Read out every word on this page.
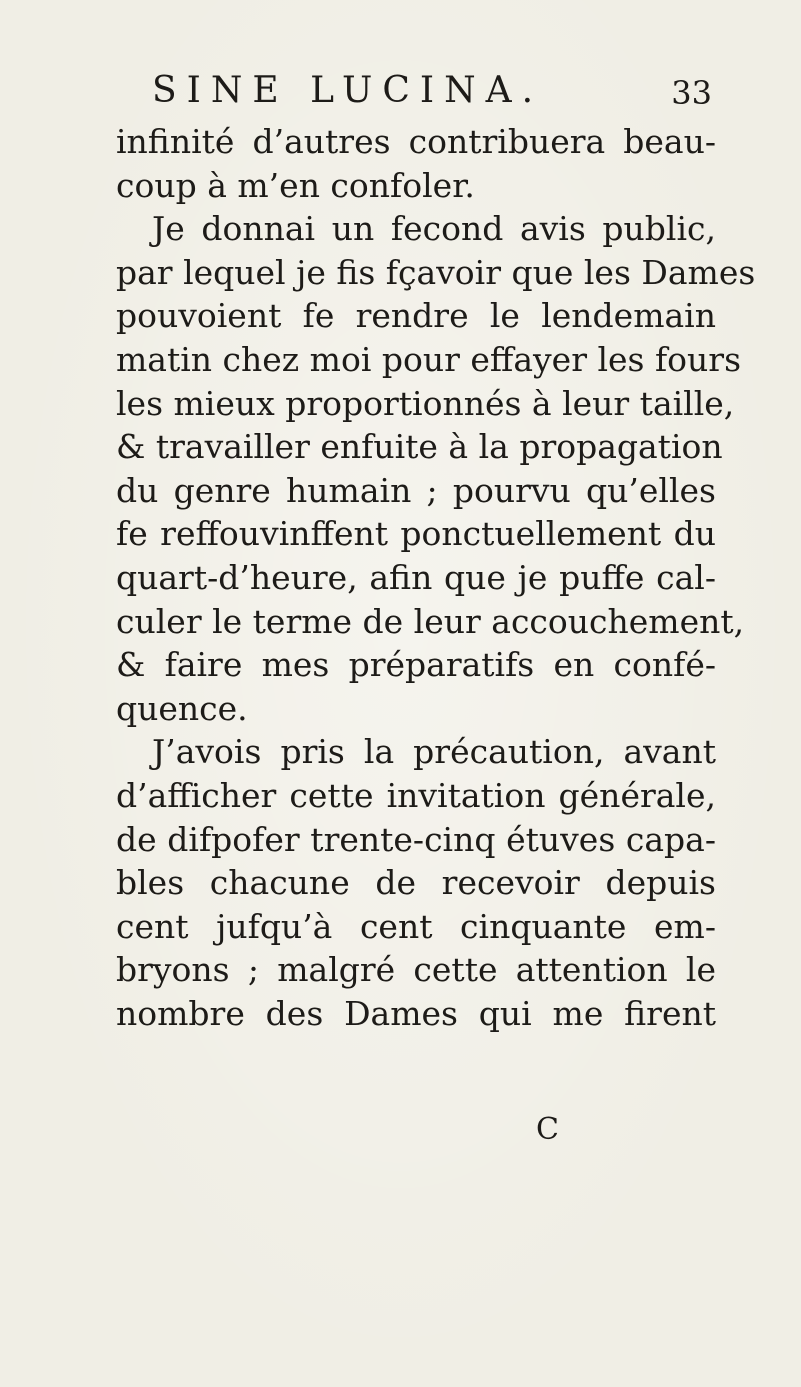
SINE LUCINA.	33
infinité d’autres contribuera beau-
coup à m’en confoler.
Je donnai un fecond avis public,
par lequel je fis fçavoir que les Dames
pouvoient fe rendre le lendemain
matin chez moi pour effayer les fours
les mieux proportionnés à leur taille,
& travailler enfuite à la propagation
du genre humain ; pourvu qu’elles
fe reffouvinffent ponctuellement du
quart-d’heure, afin que je puffe cal-
culer le terme de leur accouchement,
& faire mes préparatifs en confé-
quence.
J’avois pris la précaution, avant
d’afficher cette invitation générale,
de difpofer trente-cinq étuves capa-
bles chacune de recevoir depuis
cent jufqu’à cent cinquante em-
bryons ; malgré cette attention le
nombre des Dames qui me firent
C
